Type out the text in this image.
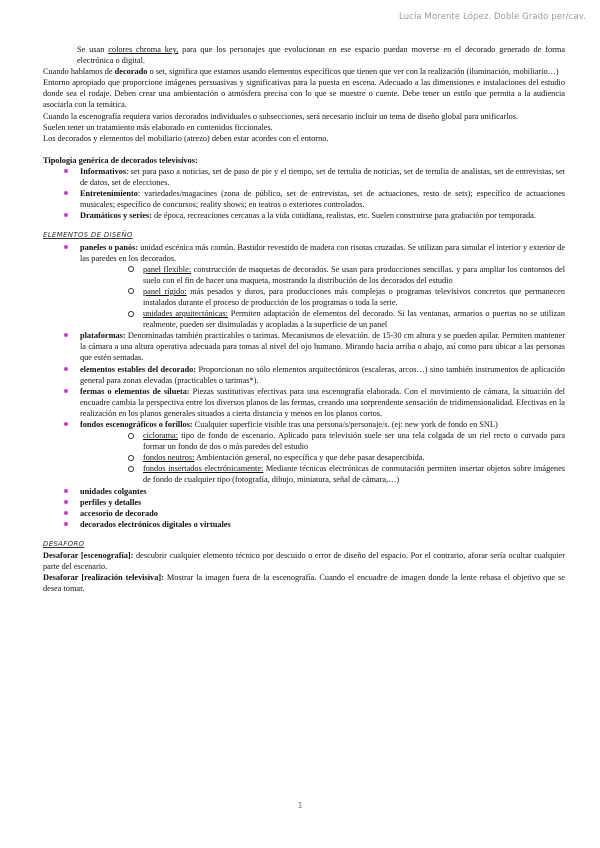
Lucía Morente López. Doble Grado per/cav.

Se usan colores chroma key, para que los personajes que evolucionan en ese espacio puedan moverse en el decorado generado de forma electrónica o digital.

Cuando hablamos de decorado o set, significa que estamos usando elementos específicos que tienen que ver con la realización (iluminación, mobiliario…)

Entorno apropiado que proporcione imágenes persuasivas y significativas para la puesta en escena. Adecuado a las dimensiones e instalaciones del estudio donde sea el rodaje. Deben crear una ambientación o atmósfera precisa con lo que se muestre o cuente. Debe tener un estilo que permita a la audiencia asociarla con la temática.

Cuando la escenografía requiera varios decorados individuales o subsecciones, será necesario incluir un tema de diseño global para unificarlos.

Suelen tener un tratamiento más elaborado en contenidos ficcionales.

Los decorados y elementos del mobiliario (atrezo) deben estar acordes con el entorno.

Tipología genérica de decorados televisivos:

Informativos: set para paso a noticias, set de paso de pie y el tiempo, set de tertulia de noticias, set de tertulia de analistas, set de entrevistas, set de datos, set de elecciones.
Entretenimiento: variedades/magacines (zona de público, set de entrevistas, set de actuaciones, resto de sets); específico de actuaciones musicales; específico de concursos; reality shows; en teatros o exteriores controlados.
Dramáticos y series: de época, recreaciones cercanas a la vida cotidiana, realistas, etc. Suelen construirse para grabación por temporada.

ELEMENTOS DE DISEÑO

paneles o panós: unidad escénica más común. Bastidor revestido de madera con risotas cruzadas. Se utilizan para simular el interior y exterior de las paredes en los decorados.
panel flexible: construcción de maquetas de decorados. Se usan para producciones sencillas. y para ampliar los contornos del suelo con el fin de hacer una maqueta, mostrando la distribución de los decorados del estudio
panel rígido: más pesados y duros, para producciones más complejas o programas televisivos concretos que permanecen instalados durante el proceso de producción de los programas o toda la serie.
unidades arquitectónicas: Permiten adaptación de elementos del decorado. Si las ventanas, armarios o puertas no se utilizan realmente, pueden ser disimuladas y acopladas a la superficie de un panel
plataformas: Denominadas también practicables o tarimas. Mecanismos de elevación. de 15-30 cm altura y se pueden apilar. Permiten mantener la cámara a una altura operativa adecuada para tomas al nivel del ojo humano. Mirando hacia arriba o abajo, así como para ubicar a las personas que estén sentadas.
elementos estables del decorado: Proporcionan no sólo elementos arquitectónicos (escaleras, arcos…) sino también instrumentos de aplicación general para zonas elevadas (practicables o tarimas*).
fermas o elementos de silueta: Piezas sustitutivas efectivas para una escenografía elaborada. Con el movimiento de cámara, la situación del encuadre cambia la perspectiva entre los diversos planos de las fermas, creando una sorprendente sensación de tridimensionalidad. Efectivas en la realización en los planos generales situados a cierta distancia y menos en los planos cortos.
fondos escenográficos o forillos: Cualquier superficie visible tras una persona/s/personaje/s. (ej: new york de fondo en SNL)
ciclorama: tipo de fondo de escenario. Aplicado para televisión suele ser una tela colgada de un riel recto o curvado para formar un fondo de dos o más paredes del estudio
fondos neutros: Ambientación general, no específica y que debe pasar desapercibida.
fondos insertados electrónicamente: Mediante técnicas electrónicas de conmutación permiten insertar objetos sobre imágenes de fondo de cualquier tipo (fotografía, dibujo, miniatura, señal de cámara,…)
unidades colgantes
perfiles y detalles
accesorio de decorado
decorados electrónicos digitales o virtuales

DESAFORO

Desaforar [escenografía]: descubrir cualquier elemento técnico por descuido o error de diseño del espacio. Por el contrario, aforar sería ocultar cualquier parte del escenario.

Desaforar [realización televisiva]: Mostrar la imagen fuera de la escenografía. Cuando el encuadre de imagen donde la lente rebasa el objetivo que se desea tomar.

1
